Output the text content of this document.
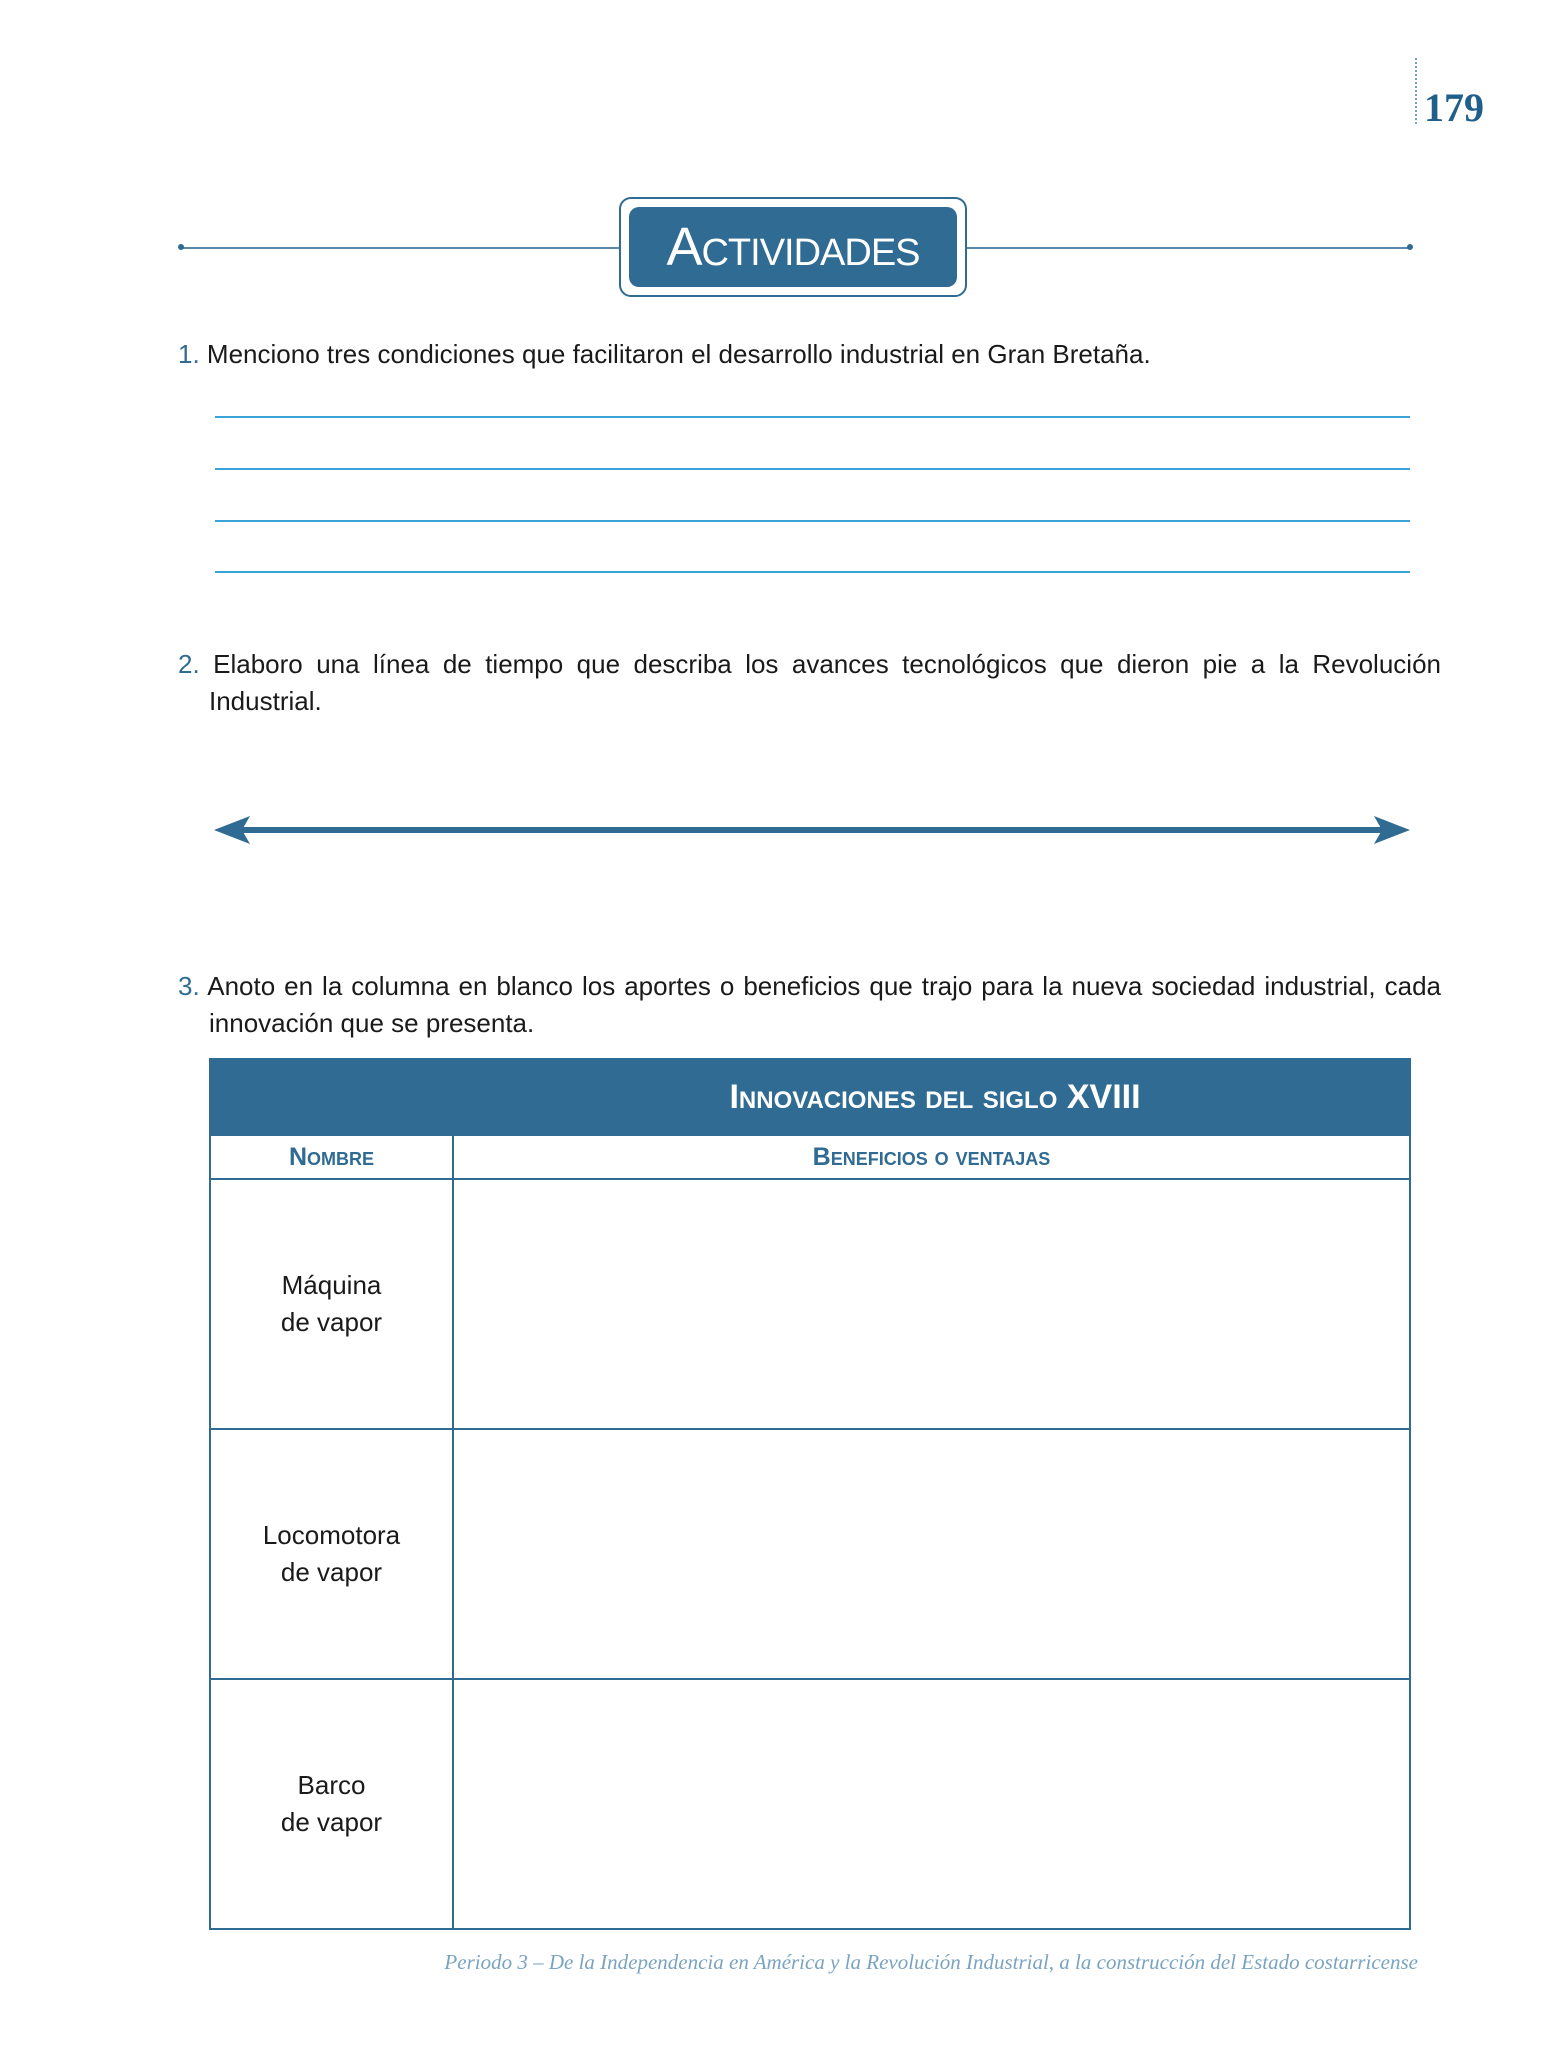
179
Actividades
1. Menciono tres condiciones que facilitaron el desarrollo industrial en Gran Bretaña.
2. Elaboro una línea de tiempo que describa los avances tecnológicos que dieron pie a la Revolución Industrial.
3. Anoto en la columna en blanco los aportes o beneficios que trajo para la nueva sociedad industrial, cada innovación que se presenta.
Innovaciones del siglo XVIII	
Nombre	Beneficios o ventajas
Máquina
de vapor	
Locomotora
de vapor	
Barco
de vapor	
Periodo 3 – De la Independencia en América y la Revolución Industrial, a la construcción del Estado costarricense
